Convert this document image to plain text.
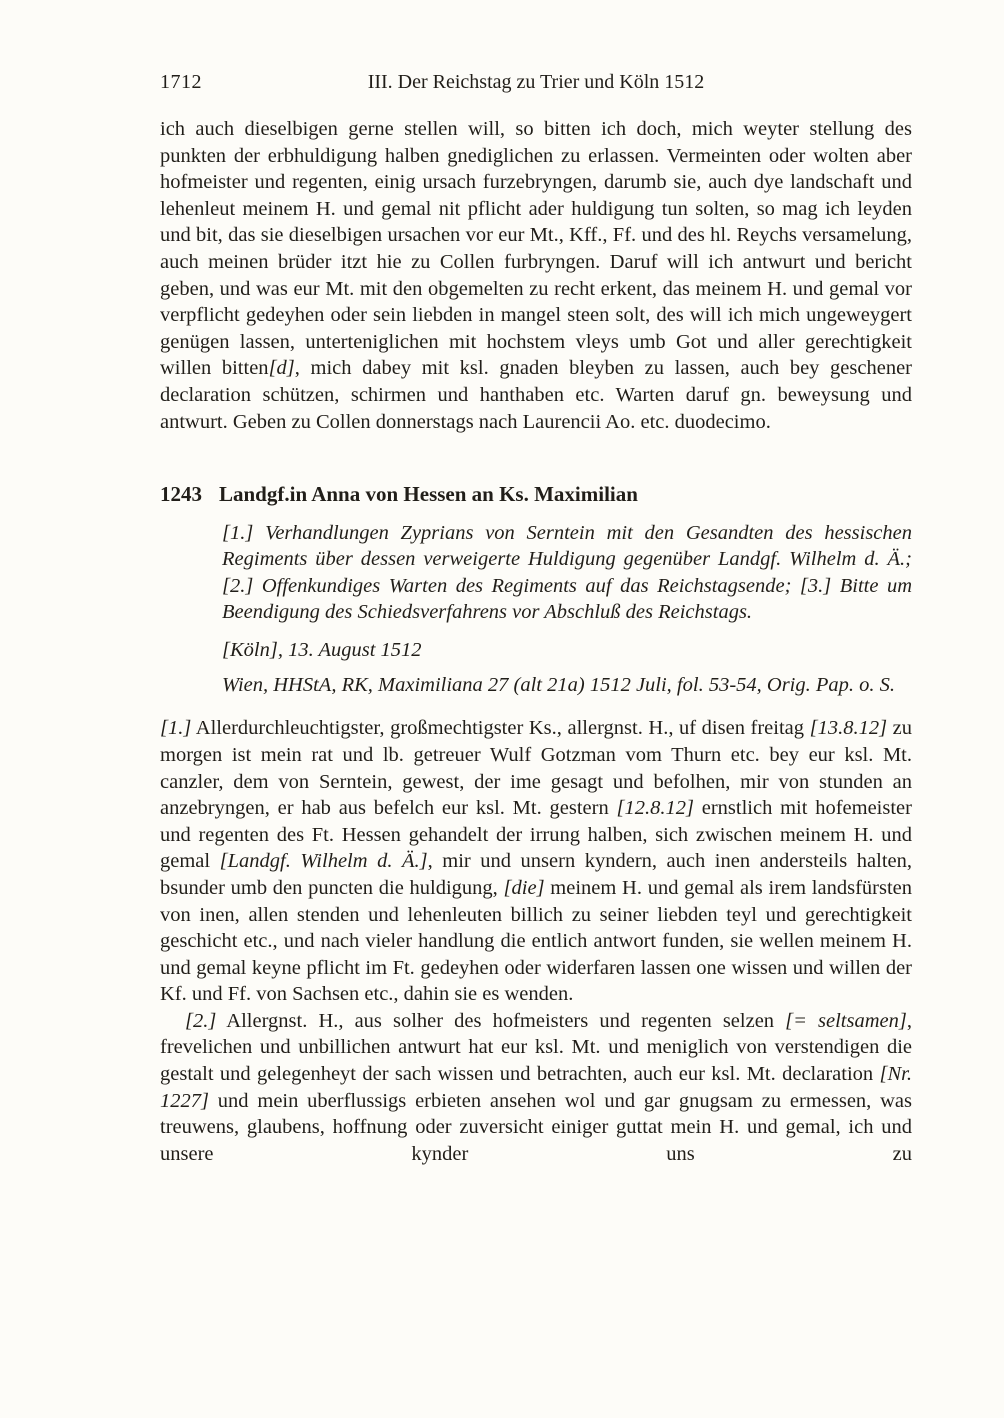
1712	III. Der Reichstag zu Trier und Köln 1512

ich auch dieselbigen gerne stellen will, so bitten ich doch, mich weyter stellung des punkten der erbhuldigung halben gnediglichen zu erlassen. Vermeinten oder wolten aber hofmeister und regenten, einig ursach furzebryngen, darumb sie, auch dye landschaft und lehenleut meinem H. und gemal nit pflicht ader huldigung tun solten, so mag ich leyden und bit, das sie dieselbigen ursachen vor eur Mt., Kff., Ff. und des hl. Reychs versamelung, auch meinen brüder itzt hie zu Collen furbryngen. Daruf will ich antwurt und bericht geben, und was eur Mt. mit den obgemelten zu recht erkent, das meinem H. und gemal vor verpflicht gedeyhen oder sein liebden in mangel steen solt, des will ich mich ungeweygert genügen lassen, unterteniglichen mit hochstem vleys umb Got und aller gerechtigkeit willen bitten[d], mich dabey mit ksl. gnaden bleyben zu lassen, auch bey geschener declaration schützen, schirmen und hanthaben etc. Warten daruf gn. beweysung und antwurt. Geben zu Collen donnerstags nach Laurencii Ao. etc. duodecimo.

1243 Landgf.in Anna von Hessen an Ks. Maximilian

[1.] Verhandlungen Zyprians von Serntein mit den Gesandten des hessischen Regiments über dessen verweigerte Huldigung gegenüber Landgf. Wilhelm d. Ä.; [2.] Offenkundiges Warten des Regiments auf das Reichstagsende; [3.] Bitte um Beendigung des Schiedsverfahrens vor Abschluß des Reichstags.

[Köln], 13. August 1512

Wien, HHStA, RK, Maximiliana 27 (alt 21a) 1512 Juli, fol. 53-54, Orig. Pap. o. S.

[1.] Allerdurchleuchtigster, großmechtigster Ks., allergnst. H., uf disen freitag [13.8.12] zu morgen ist mein rat und lb. getreuer Wulf Gotzman vom Thurn etc. bey eur ksl. Mt. canzler, dem von Serntein, gewest, der ime gesagt und befolhen, mir von stunden an anzebryngen, er hab aus befelch eur ksl. Mt. gestern [12.8.12] ernstlich mit hofemeister und regenten des Ft. Hessen gehandelt der irrung halben, sich zwischen meinem H. und gemal [Landgf. Wilhelm d. Ä.], mir und unsern kyndern, auch inen andersteils halten, bsunder umb den puncten die huldigung, [die] meinem H. und gemal als irem landsfürsten von inen, allen stenden und lehenleuten billich zu seiner liebden teyl und gerechtigkeit geschicht etc., und nach vieler handlung die entlich antwort funden, sie wellen meinem H. und gemal keyne pflicht im Ft. gedeyhen oder widerfaren lassen one wissen und willen der Kf. und Ff. von Sachsen etc., dahin sie es wenden.

[2.] Allergnst. H., aus solher des hofmeisters und regenten selzen [= seltsamen], frevelichen und unbillichen antwurt hat eur ksl. Mt. und meniglich von verstendigen die gestalt und gelegenheyt der sach wissen und betrachten, auch eur ksl. Mt. declaration [Nr. 1227] und mein uberflussigs erbieten ansehen wol und gar gnugsam zu ermessen, was treuwens, glaubens, hoffnung oder zuversicht einiger guttat mein H. und gemal, ich und unsere kynder uns zu
